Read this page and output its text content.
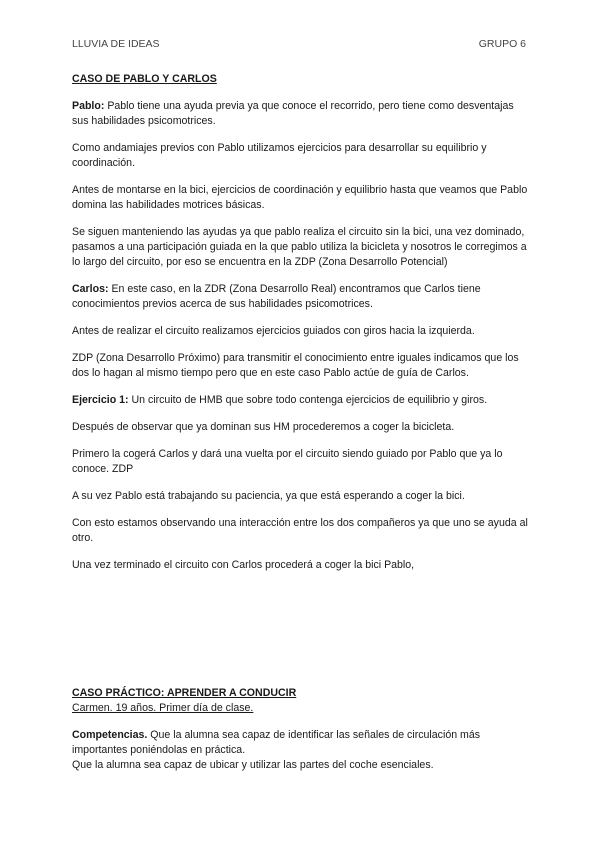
LLUVIA DE IDEAS	GRUPO 6

CASO DE PABLO Y CARLOS

Pablo: Pablo tiene una ayuda previa ya que conoce el recorrido, pero tiene como desventajas sus habilidades psicomotrices.

Como andamiajes previos con Pablo utilizamos ejercicios para desarrollar su equilibrio y coordinación.

Antes de montarse en la bici, ejercicios de coordinación y equilibrio hasta que veamos que Pablo domina las habilidades motrices básicas.

Se siguen manteniendo las ayudas ya que pablo realiza el circuito sin la bici, una vez dominado, pasamos a una participación guiada en la que pablo utiliza la bicicleta y nosotros le corregimos a lo largo del circuito, por eso se encuentra en la ZDP (Zona Desarrollo Potencial)

Carlos: En este caso, en la ZDR (Zona Desarrollo Real) encontramos que Carlos tiene conocimientos previos acerca de sus habilidades psicomotrices.

Antes de realizar el circuito realizamos ejercicios guiados con giros hacia la izquierda.

ZDP (Zona Desarrollo Próximo) para transmitir el conocimiento entre iguales indicamos que los dos lo hagan al mismo tiempo pero que en este caso Pablo actúe de guía de Carlos.

Ejercicio 1: Un circuito de HMB que sobre todo contenga ejercicios de equilibrio y giros.

Después de observar que ya dominan sus HM procederemos a coger la bicicleta.

Primero la cogerá Carlos y dará una vuelta por el circuito siendo guiado por Pablo que ya lo conoce. ZDP

A su vez Pablo está trabajando su paciencia, ya que está esperando a coger la bici.

Con esto estamos observando una interacción entre los dos compañeros ya que uno se ayuda al otro.

Una vez terminado el circuito con Carlos procederá a coger la bici Pablo,

CASO PRÁCTICO: APRENDER A CONDUCIR

Carmen. 19 años. Primer día de clase.

Competencias. Que la alumna sea capaz de identificar las señales de circulación más importantes poniéndolas en práctica.

Que la alumna sea capaz de ubicar y utilizar las partes del coche esenciales.
